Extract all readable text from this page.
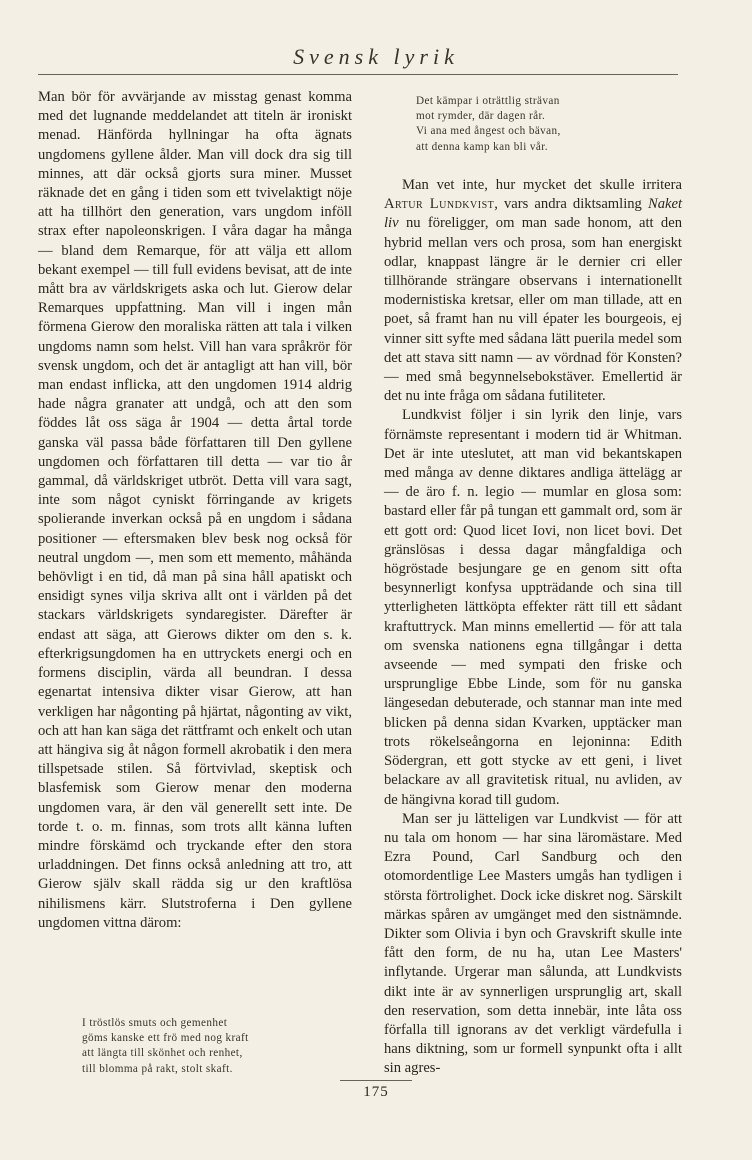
Svensk lyrik

Man bör för avvärjande av misstag genast komma med det lugnande meddelandet att titeln är ironiskt menad. Hänförda hyllningar ha ofta ägnats ungdomens gyllene ålder. Man vill dock dra sig till minnes, att där också gjorts sura miner. Musset räknade det en gång i tiden som ett tvivelaktigt nöje att ha tillhört den generation, vars ungdom inföll strax efter napoleonskrigen. I våra dagar ha många — bland dem Remarque, för att välja ett allom bekant exempel — till full evidens bevisat, att de inte mått bra av världskrigets aska och lut. Gierow delar Remarques uppfattning. Man vill i ingen mån förmena Gierow den moraliska rätten att tala i vilken ungdoms namn som helst. Vill han vara språkrör för svensk ungdom, och det är antagligt att han vill, bör man endast inflicka, att den ungdomen 1914 aldrig hade några granater att undgå, och att den som föddes låt oss säga år 1904 — detta årtal torde ganska väl passa både författaren till Den gyllene ungdomen och författaren till detta — var tio år gammal, då världskriget utbröt. Detta vill vara sagt, inte som något cyniskt förringande av krigets spolierande inverkan också på en ungdom i sådana positioner — eftersmaken blev besk nog också för neutral ungdom —, men som ett mementо, måhända behövligt i en tid, då man på sina håll apatiskt och ensidigt synes vilja skriva allt ont i världen på det stackars världskrigets syndaregister. Därefter är endast att säga, att Gierows dikter om den s. k. efterkrigsungdomen ha en uttryckets energi och en formens disciplin, värda all beundran. I dessa egenartat intensiva dikter visar Gierow, att han verkligen har någonting på hjärtat, någonting av vikt, och att han kan säga det rättframt och enkelt och utan att hängiva sig åt någon formell akrobatik i den mera tillspetsade stilen. Så förtvivlad, skeptisk och blasfemisk som Gierow menar den moderna ungdomen vara, är den väl generellt sett inte. De torde t. o. m. finnas, som trots allt känna luften mindre förskämd och tryckande efter den stora urladdningen. Det finns också anledning att tro, att Gierow själv skall rädda sig ur den kraftlösa nihilismens kärr. Slutstroferna i Den gyllene ungdomen vittna därom:

I tröstlös smuts och gemenhet
göms kanske ett frö med nog kraft
att längta till skönhet och renhet,
till blomma på rakt, stolt skaft.
Det kämpar i oträttlig strävan
mot rymder, där dagen rår.
Vi ana med ångest och bävan,
att denna kamp kan bli vår.

Man vet inte, hur mycket det skulle irritera Artur Lundkvist, vars andra diktsamling Naket liv nu föreligger, om man sade honom, att den hybrid mellan vers och prosa, som han energiskt odlar, knappast längre är le dernier cri eller tillhörande strängare observans i internationellt modernistiska kretsar, eller om man tillade, att en poet, så framt han nu vill épater les bourgeois, ej vinner sitt syfte med sådana lätt puerila medel som det att stava sitt namn — av vördnad för Konsten? — med små begynnelsebokstäver. Emellertid är det nu inte fråga om sådana futiliteter.

Lundkvist följer i sin lyrik den linje, vars förnämste representant i modern tid är Whitman. Det är inte uteslutet, att man vid bekantskapen med många av denne diktares andliga ättelägg ar — de äro f. n. legio — mumlar en glosa som: bastard eller får på tungan ett gammalt ord, som är ett gott ord: Quod licet Iovi, non licet bovi. Det gränslösas i dessa dagar mångfaldiga och högröstade besjungare ge en genom sitt ofta besynnerligt konfysa uppträdande och sina till ytterligheten lättköpta effekter rätt till ett sådant kraftuttryck. Man minns emellertid — för att tala om svenska nationens egna tillgångar i detta avseende — med sympati den friske och ursprunglige Ebbe Linde, som för nu ganska längesedan debuterade, och stannar man inte med blicken på denna sidan Kvarken, upptäcker man trots rökelseångorna en lejoninna: Edith Södergran, ett gott stycke av ett geni, i livet belackare av all gravitetisk ritual, nu avliden, av de hängivna korad till gudom.

Man ser ju lätteligen var Lundkvist — för att nu tala om honom — har sina läromästare. Med Ezra Pound, Carl Sandburg och den otomordentlige Lee Masters umgås han tydligen i största förtrolighet. Dock icke diskret nog. Särskilt märkas spåren av umgänget med den sistnämnde. Dikter som Olivia i byn och Gravskrift skulle inte fått den form, de nu ha, utan Lee Masters' inflytande. Urgerar man sålunda, att Lundkvists dikt inte är av synnerligen ursprunglig art, skall den reservation, som detta innebär, inte låta oss förfalla till ignorans av det verkligt värdefulla i hans diktning, som ur formell synpunkt ofta i allt sin agres-

175
